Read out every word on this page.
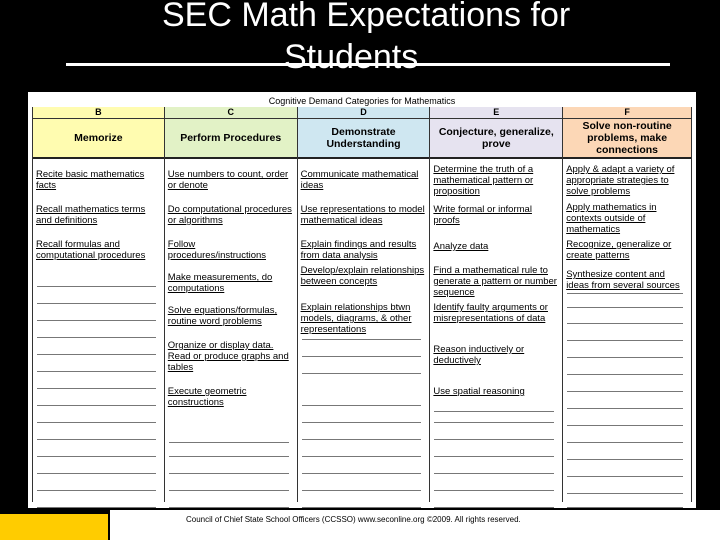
SEC Math Expectations for
Students
Cognitive Demand Categories for Mathematics
B
Memorize
Recite basic mathematics facts
Recall mathematics terms and definitions
Recall formulas and computational procedures
C
Perform Procedures
Use numbers to count, order or denote
Do computational procedures or algorithms
Follow procedures/instructions
Make measurements, do computations
Solve equations/formulas, routine word problems
Organize or display data. Read or produce graphs and tables
Execute geometric constructions
D
Demonstrate Understanding
Communicate mathematical ideas
Use representations to model mathematical ideas
Explain findings and results from data analysis
Develop/explain relationships between concepts
Explain relationships btwn models, diagrams, & other representations
E
Conjecture, generalize, prove
Determine the truth of a mathematical pattern or proposition
Write formal or informal proofs
Analyze data
Find a mathematical rule to generate a pattern or number sequence
Identify faulty arguments or misrepresentations of data
Reason inductively or deductively
Use spatial reasoning
F
Solve non-routine problems, make connections
Apply & adapt a variety of appropriate strategies to solve problems
Apply mathematics in contexts outside of mathematics
Recognize, generalize or create patterns
Synthesize content and ideas from several sources
Council of Chief State School Officers (CCSSO) www.seconline.org ©2009. All rights reserved.
